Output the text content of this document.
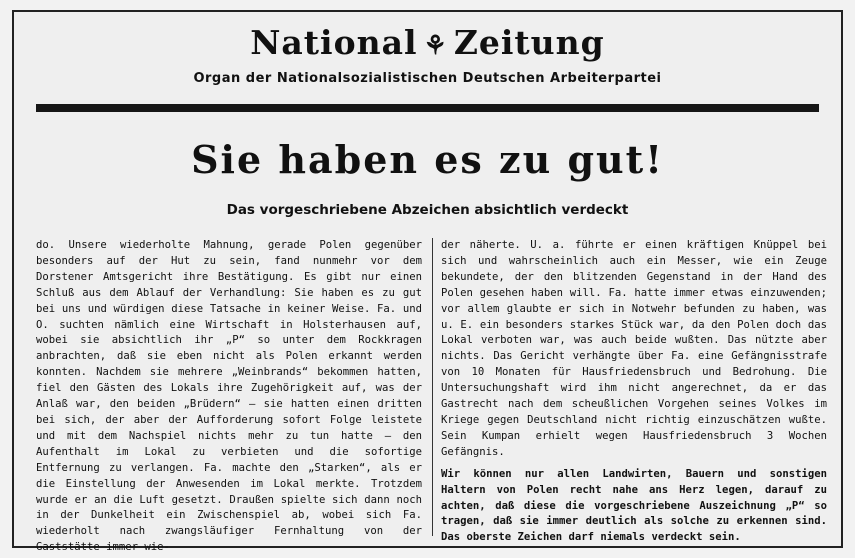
National ⚘ Zeitung
Organ der Nationalsozialistischen Deutschen Arbeiterpartei
Sie haben es zu gut!
Das vorgeschriebene Abzeichen absichtlich verdeckt

do. Unsere wiederholte Mahnung, gerade Polen gegenüber besonders auf der Hut zu sein, fand nunmehr vor dem Dorstener Amtsgericht ihre Bestätigung. Es gibt nur einen Schluß aus dem Ablauf der Verhandlung: Sie haben es zu gut bei uns und würdigen diese Tatsache in keiner Weise. Fa. und O. suchten nämlich eine Wirtschaft in Holsterhausen auf, wobei sie absichtlich ihr „P“ so unter dem Rockkragen anbrachten, daß sie eben nicht als Polen erkannt werden konnten. Nachdem sie mehrere „Weinbrands“ bekommen hatten, fiel den Gästen des Lokals ihre Zugehörigkeit auf, was der Anlaß war, den beiden „Brüdern“ — sie hatten einen dritten bei sich, der aber der Aufforderung sofort Folge leistete und mit dem Nachspiel nichts mehr zu tun hatte — den Aufenthalt im Lokal zu verbieten und die sofortige Entfernung zu verlangen. Fa. machte den „Starken“, als er die Einstellung der Anwesenden im Lokal merkte. Trotzdem wurde er an die Luft gesetzt. Draußen spielte sich dann noch in der Dunkelheit ein Zwischenspiel ab, wobei sich Fa. wiederholt nach zwangsläufiger Fernhaltung von der Gaststätte immer wie-

der näherte. U. a. führte er einen kräftigen Knüppel bei sich und wahrscheinlich auch ein Messer, wie ein Zeuge bekundete, der den blitzenden Gegenstand in der Hand des Polen gesehen haben will. Fa. hatte immer etwas einzuwenden; vor allem glaubte er sich in Notwehr befunden zu haben, was u. E. ein besonders starkes Stück war, da den Polen doch das Lokal verboten war, was auch beide wußten. Das nützte aber nichts. Das Gericht verhängte über Fa. eine Gefängnisstrafe von 10 Monaten für Hausfriedensbruch und Bedrohung. Die Untersuchungshaft wird ihm nicht angerechnet, da er das Gastrecht nach dem scheußlichen Vorgehen seines Volkes im Kriege gegen Deutschland nicht richtig einzuschätzen wußte. Sein Kumpan erhielt wegen Hausfriedensbruch 3 Wochen Gefängnis.

Wir können nur allen Landwirten, Bauern und sonstigen Haltern von Polen recht nahe ans Herz legen, darauf zu achten, daß diese die vorgeschriebene Auszeichnung „P“ so tragen, daß sie immer deutlich als solche zu erkennen sind. Das oberste Zeichen darf niemals verdeckt sein.
